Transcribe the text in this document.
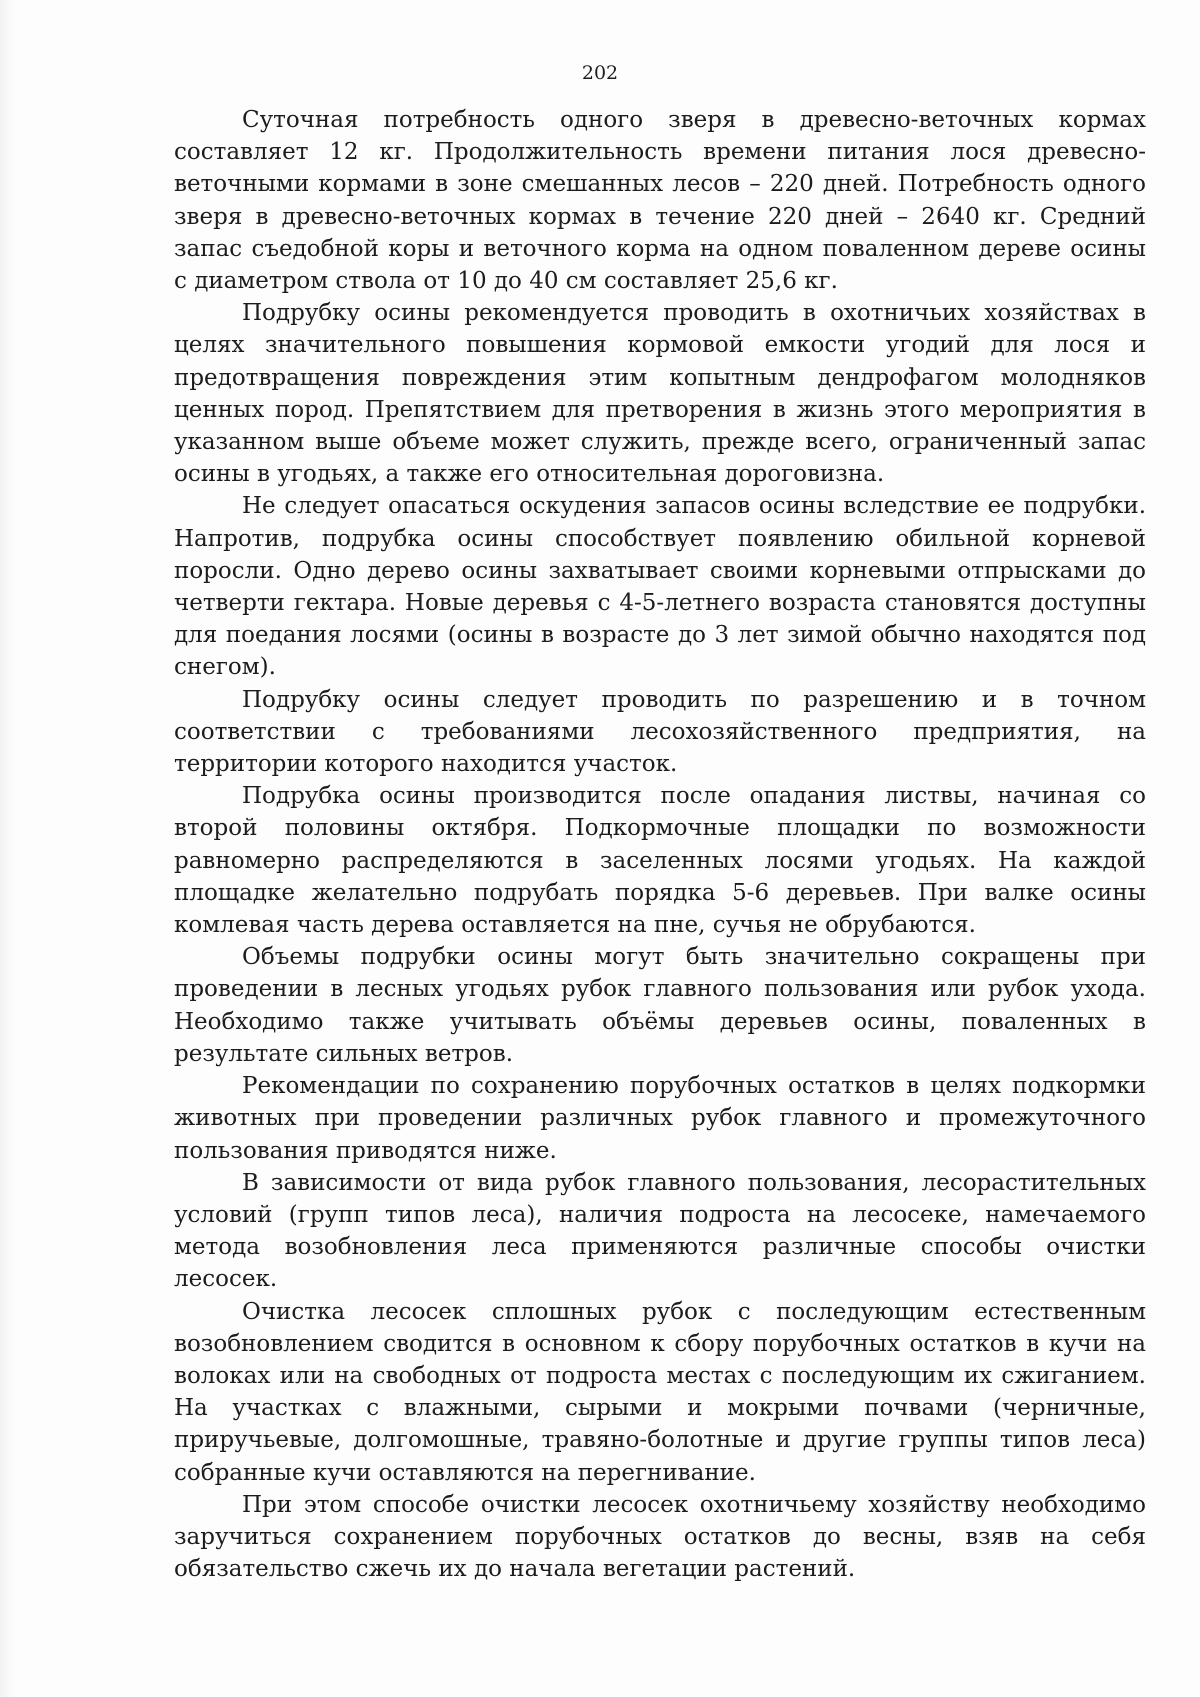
202

Суточная потребность одного зверя в древесно-веточных кормах составляет 12 кг. Продолжительность времени питания лося древесно-веточными кормами в зоне смешанных лесов – 220 дней. Потребность одного зверя в древесно-веточных кормах в течение 220 дней – 2640 кг. Средний запас съедобной коры и веточного корма на одном поваленном дереве осины с диаметром ствола от 10 до 40 см составляет 25,6 кг.

Подрубку осины рекомендуется проводить в охотничьих хозяйствах в целях значительного повышения кормовой емкости угодий для лося и предотвращения повреждения этим копытным дендрофагом молодняков ценных пород. Препятствием для претворения в жизнь этого мероприятия в указанном выше объеме может служить, прежде всего, ограниченный запас осины в угодьях, а также его относительная дороговизна.

Не следует опасаться оскудения запасов осины вследствие ее подрубки. Напротив, подрубка осины способствует появлению обильной корневой поросли. Одно дерево осины захватывает своими корневыми отпрысками до четверти гектара. Новые деревья с 4-5-летнего возраста становятся доступны для поедания лосями (осины в возрасте до 3 лет зимой обычно находятся под снегом).

Подрубку осины следует проводить по разрешению и в точном соответствии с требованиями лесохозяйственного предприятия, на территории которого находится участок.

Подрубка осины производится после опадания листвы, начиная со второй половины октября. Подкормочные площадки по возможности равномерно распределяются в заселенных лосями угодьях. На каждой площадке желательно подрубать порядка 5-6 деревьев. При валке осины комлевая часть дерева оставляется на пне, сучья не обрубаются.

Объемы подрубки осины могут быть значительно сокращены при проведении в лесных угодьях рубок главного пользования или рубок ухода. Необходимо также учитывать объёмы деревьев осины, поваленных в результате сильных ветров.

Рекомендации по сохранению порубочных остатков в целях подкормки животных при проведении различных рубок главного и промежуточного пользования приводятся ниже.

В зависимости от вида рубок главного пользования, лесорастительных условий (групп типов леса), наличия подроста на лесосеке, намечаемого метода возобновления леса применяются различные способы очистки лесосек.

Очистка лесосек сплошных рубок с последующим естественным возобновлением сводится в основном к сбору порубочных остатков в кучи на волоках или на свободных от подроста местах с последующим их сжиганием. На участках с влажными, сырыми и мокрыми почвами (черничные, приручьевые, долгомошные, травяно-болотные и другие группы типов леса) собранные кучи оставляются на перегнивание.

При этом способе очистки лесосек охотничьему хозяйству необходимо заручиться сохранением порубочных остатков до весны, взяв на себя обязательство сжечь их до начала вегетации растений.
